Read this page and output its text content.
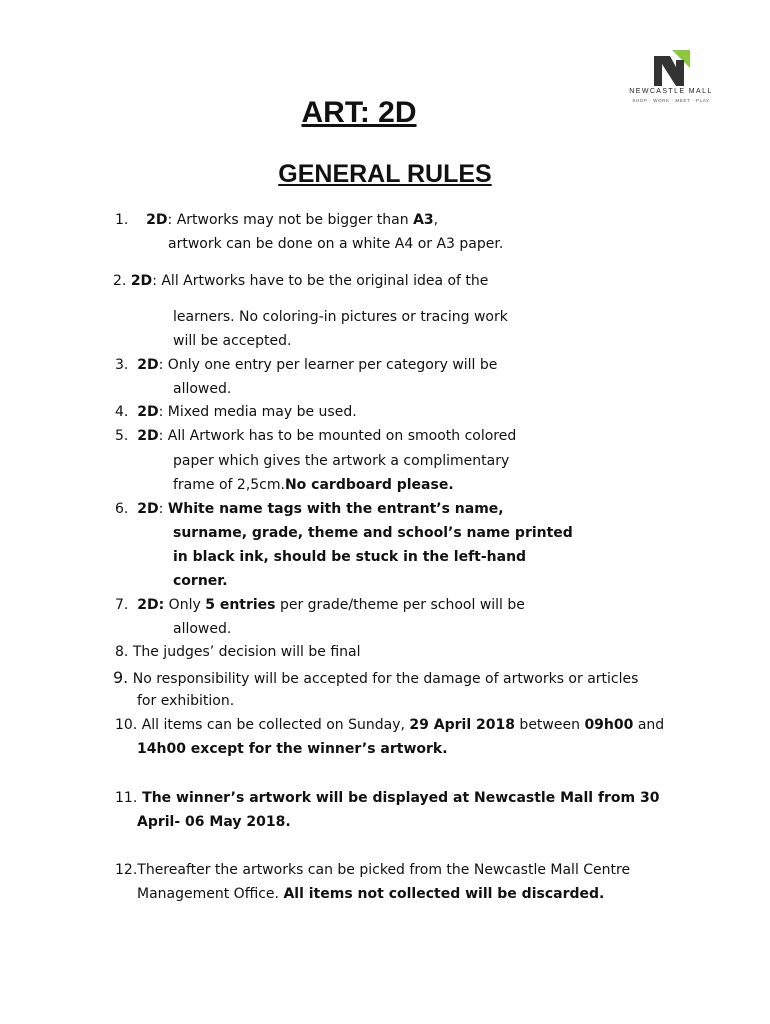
NEWCASTLE MALL
SHOP · WORK · MEET · PLAY
ART: 2D
GENERAL RULES
1. 2D: Artworks may not be bigger than A3,
artwork can be done on a white A4 or A3 paper.
2. 2D: All Artworks have to be the original idea of the
learners. No coloring-in pictures or tracing work
will be accepted.
3. 2D: Only one entry per learner per category will be
allowed.
4. 2D: Mixed media may be used.
5. 2D: All Artwork has to be mounted on smooth colored
paper which gives the artwork a complimentary
frame of 2,5cm.No cardboard please.
6. 2D: White name tags with the entrant’s name,
surname, grade, theme and school’s name printed
in black ink, should be stuck in the left-hand
corner.
7. 2D: Only 5 entries per grade/theme per school will be
allowed.
8. The judges’ decision will be final
9. No responsibility will be accepted for the damage of artworks or articles
for exhibition.
10. All items can be collected on Sunday, 29 April 2018 between 09h00 and
14h00 except for the winner’s artwork.
11. The winner’s artwork will be displayed at Newcastle Mall from 30
April- 06 May 2018.
12.Thereafter the artworks can be picked from the Newcastle Mall Centre
Management Office. All items not collected will be discarded.
